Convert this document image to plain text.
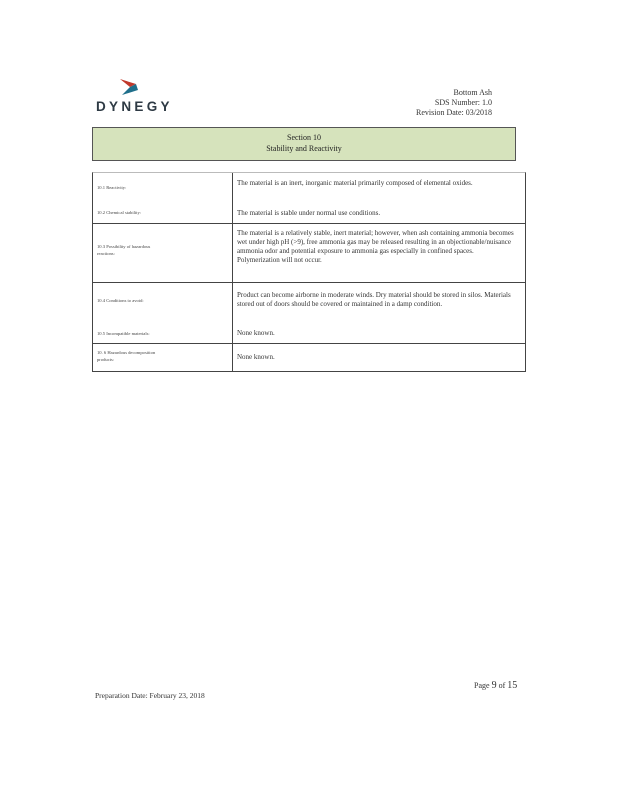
DYNEGY
Bottom Ash
SDS Number: 1.0
Revision Date: 03/2018
Section 10
Stability and Reactivity
10.1 Reactivity:
The material is an inert, inorganic material primarily composed of elemental oxides.
10.2 Chemical stability:	The material is stable under normal use conditions.
10.3 Possibility of hazardous reactions:
The material is a relatively stable, inert material; however, when ash containing ammonia becomes wet under high pH (>9), free ammonia gas may be released resulting in an objectionable/nuisance ammonia odor and potential exposure to ammonia gas especially in confined spaces. Polymerization will not occur.
10.4 Conditions to avoid:
Product can become airborne in moderate winds. Dry material should be stored in silos. Materials stored out of doors should be covered or maintained in a damp condition.
10.5 Incompatible materials:	None known.
10. 6 Hazardous decomposition products:	None known.
Page 9 of 15
Preparation Date: February 23, 2018
